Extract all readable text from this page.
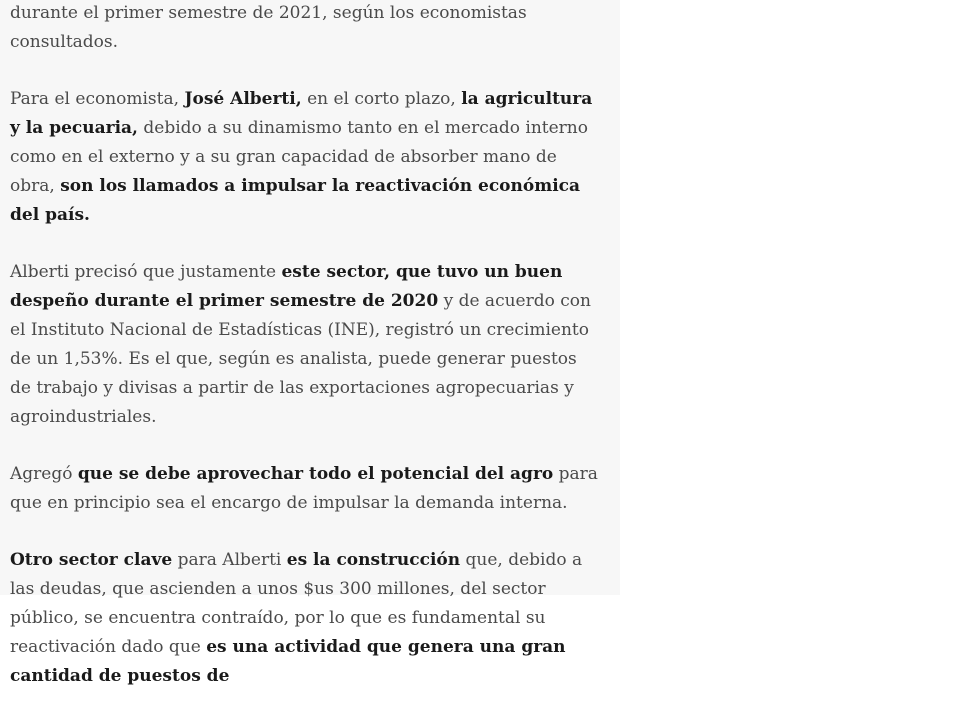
durante el primer semestre de 2021, según los economistas consultados.

Para el economista, José Alberti, en el corto plazo, la agricultura y la pecuaria, debido a su dinamismo tanto en el mercado interno como en el externo y a su gran capacidad de absorber mano de obra, son los llamados a impulsar la reactivación económica del país.

Alberti precisó que justamente este sector, que tuvo un buen despeño durante el primer semestre de 2020 y de acuerdo con el Instituto Nacional de Estadísticas (INE), registró un crecimiento de un 1,53%. Es el que, según es analista, puede generar puestos de trabajo y divisas a partir de las exportaciones agropecuarias y agroindustriales.

Agregó que se debe aprovechar todo el potencial del agro para que en principio sea el encargo de impulsar la demanda interna.

Otro sector clave para Alberti es la construcción que, debido a las deudas, que ascienden a unos $us 300 millones, del sector público, se encuentra contraído, por lo que es fundamental su reactivación dado que es una actividad que genera una gran cantidad de puestos de
